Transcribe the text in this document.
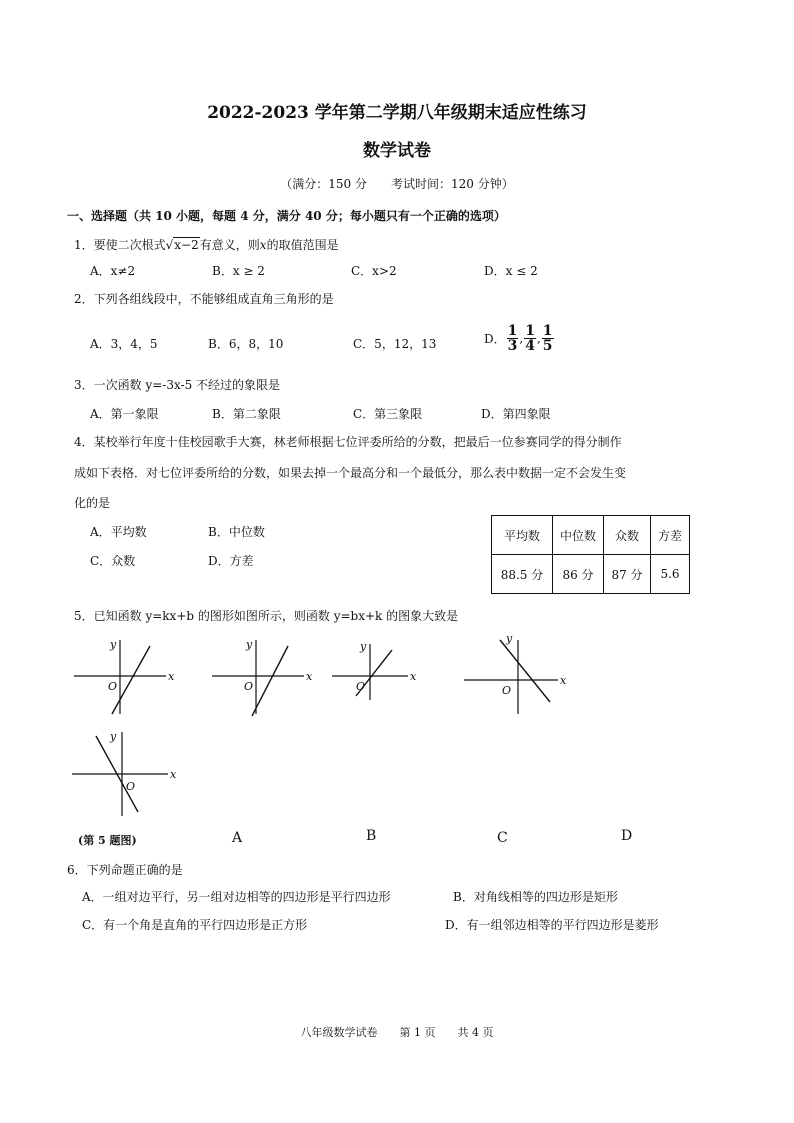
2022-2023 学年第二学期八年级期末适应性练习
数学试卷
（满分：150 分　　考试时间：120 分钟）
一、选择题（共 10 小题，每题 4 分，满分 40 分；每小题只有一个正确的选项）
1．要使二次根式√x−2有意义，则x的取值范围是
A．x≠2	B．x ≥ 2	C．x>2	D．x ≤ 2
2．下列各组线段中，不能够组成直角三角形的是
A．3，4，5	B．6，8，10	C．5，12，13	D． $\frac{1}{3}$ , $\frac{1}{4}$ , $\frac{1}{5}$
3．一次函数 y=-3x-5 不经过的象限是
A．第一象限	B．第二象限	C．第三象限	D．第四象限
4．某校举行年度十佳校园歌手大赛，林老师根据七位评委所给的分数，把最后一位参赛同学的得分制作
成如下表格．对七位评委所给的分数，如果去掉一个最高分和一个最低分，那么表中数据一定不会发生变
化的是
A．平均数	B．中位数
C．众数	D．方差
平均数	中位数	众数	方差
88.5 分	86 分	87 分	5.6
5．已知函数 y=kx+b 的图形如图所示，则函数 y=bx+k 的图象大致是
x
y
O
x
y
O
x
y
O	x
y
O
x
y
O
(第 5 题图)	A	B	C	D
6．下列命题正确的是
A．一组对边平行，另一组对边相等的四边形是平行四边形	B．对角线相等的四边形是矩形
C．有一个角是直角的平行四边形是正方形	D．有一组邻边相等的平行四边形是菱形
八年级数学试卷　　第 1 页　　共 4 页
